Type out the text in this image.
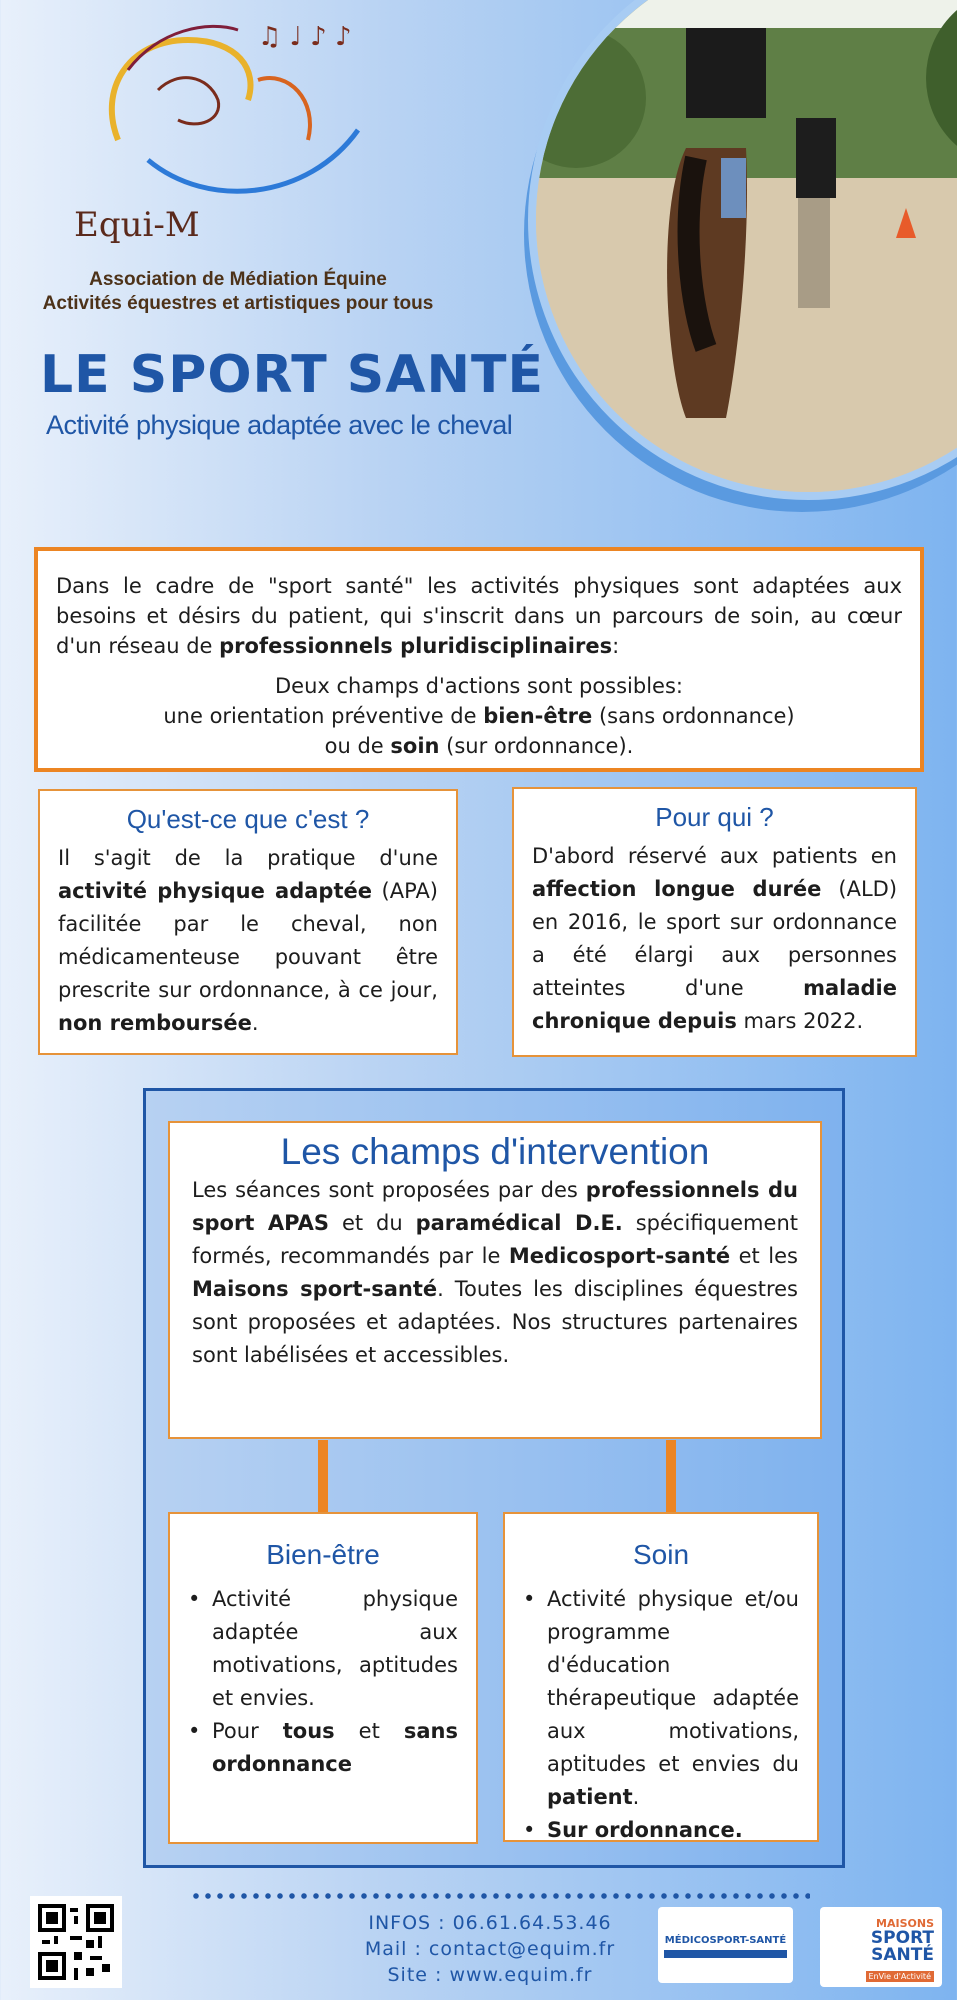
♫ ♩ ♪ ♪
Equi-M
Association de Médiation Équine
Activités équestres et artistiques pour tous
LE SPORT SANTÉ
Activité physique adaptée avec le cheval
Dans le cadre de "sport santé" les activités physiques sont adaptées aux besoins et désirs du patient, qui s'inscrit dans un parcours de soin, au cœur d'un réseau de professionnels pluridisciplinaires:
Deux champs d'actions sont possibles:
une orientation préventive de bien-être (sans ordonnance)
ou de soin (sur ordonnance).
Qu'est-ce que c'est ?
Il s'agit de la pratique d'une activité physique adaptée (APA) facilitée par le cheval, non médicamenteuse pouvant être prescrite sur ordonnance, à ce jour, non remboursée.
Pour qui ?
D'abord réservé aux patients en affection longue durée (ALD) en 2016, le sport sur ordonnance a été élargi aux personnes atteintes d'une maladie chronique depuis mars 2022.
Les champs d'intervention
Les séances sont proposées par des professionnels du sport APAS et du paramédical D.E. spécifiquement formés, recommandés par le Medicosport-santé et les Maisons sport-santé. Toutes les disciplines équestres sont proposées et adaptées. Nos structures partenaires sont labélisées et accessibles.
Bien-être
• Activité physique adaptée aux motivations, aptitudes et envies.
• Pour tous et sans ordonnance
Soin
• Activité physique et/ou programme d'éducation thérapeutique adaptée aux motivations, aptitudes et envies du patient.
• Sur ordonnance.
INFOS : 06.61.64.53.46
Mail : contact@equim.fr
Site : www.equim.fr
MÉDICOSPORT-SANTÉ
MAISONS
SPORT SANTÉ
EnVie d'Activité
